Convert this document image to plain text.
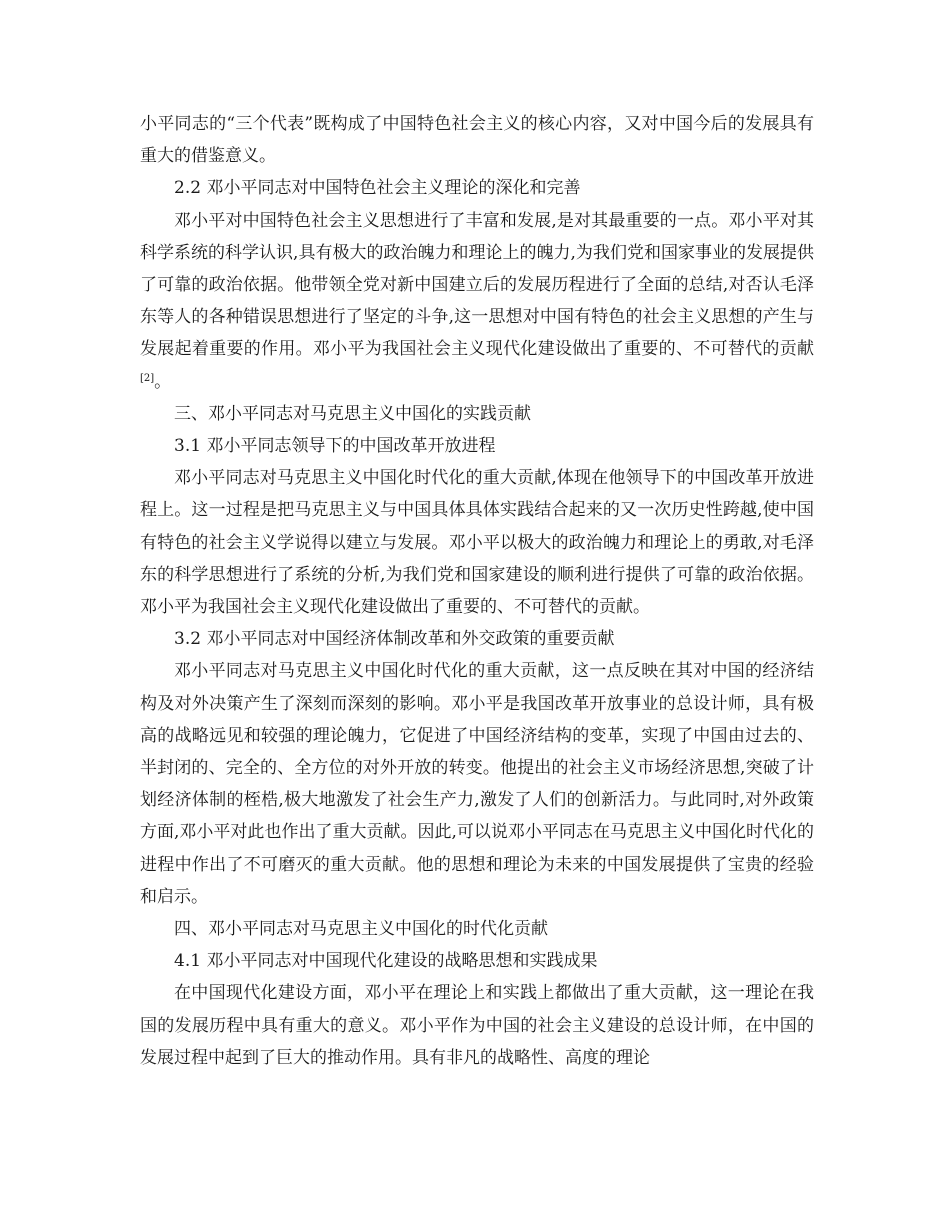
小平同志的“三个代表”既构成了中国特色社会主义的核心内容，又对中国今后的发展具有重大的借鉴意义。

2.2 邓小平同志对中国特色社会主义理论的深化和完善

邓小平对中国特色社会主义思想进行了丰富和发展,是对其最重要的一点。邓小平对其科学系统的科学认识,具有极大的政治魄力和理论上的魄力,为我们党和国家事业的发展提供了可靠的政治依据。他带领全党对新中国建立后的发展历程进行了全面的总结,对否认毛泽东等人的各种错误思想进行了坚定的斗争,这一思想对中国有特色的社会主义思想的产生与发展起着重要的作用。邓小平为我国社会主义现代化建设做出了重要的、不可替代的贡献[2]。

三、邓小平同志对马克思主义中国化的实践贡献

3.1 邓小平同志领导下的中国改革开放进程

邓小平同志对马克思主义中国化时代化的重大贡献,体现在他领导下的中国改革开放进程上。这一过程是把马克思主义与中国具体具体实践结合起来的又一次历史性跨越,使中国有特色的社会主义学说得以建立与发展。邓小平以极大的政治魄力和理论上的勇敢,对毛泽东的科学思想进行了系统的分析,为我们党和国家建设的顺利进行提供了可靠的政治依据。邓小平为我国社会主义现代化建设做出了重要的、不可替代的贡献。

3.2 邓小平同志对中国经济体制改革和外交政策的重要贡献

邓小平同志对马克思主义中国化时代化的重大贡献，这一点反映在其对中国的经济结构及对外决策产生了深刻而深刻的影响。邓小平是我国改革开放事业的总设计师，具有极高的战略远见和较强的理论魄力，它促进了中国经济结构的变革，实现了中国由过去的、半封闭的、完全的、全方位的对外开放的转变。他提出的社会主义市场经济思想,突破了计划经济体制的桎梏,极大地激发了社会生产力,激发了人们的创新活力。与此同时,对外政策方面,邓小平对此也作出了重大贡献。因此,可以说邓小平同志在马克思主义中国化时代化的进程中作出了不可磨灭的重大贡献。他的思想和理论为未来的中国发展提供了宝贵的经验和启示。

四、邓小平同志对马克思主义中国化的时代化贡献

4.1 邓小平同志对中国现代化建设的战略思想和实践成果

在中国现代化建设方面，邓小平在理论上和实践上都做出了重大贡献，这一理论在我国的发展历程中具有重大的意义。邓小平作为中国的社会主义建设的总设计师，在中国的发展过程中起到了巨大的推动作用。具有非凡的战略性、高度的理论
